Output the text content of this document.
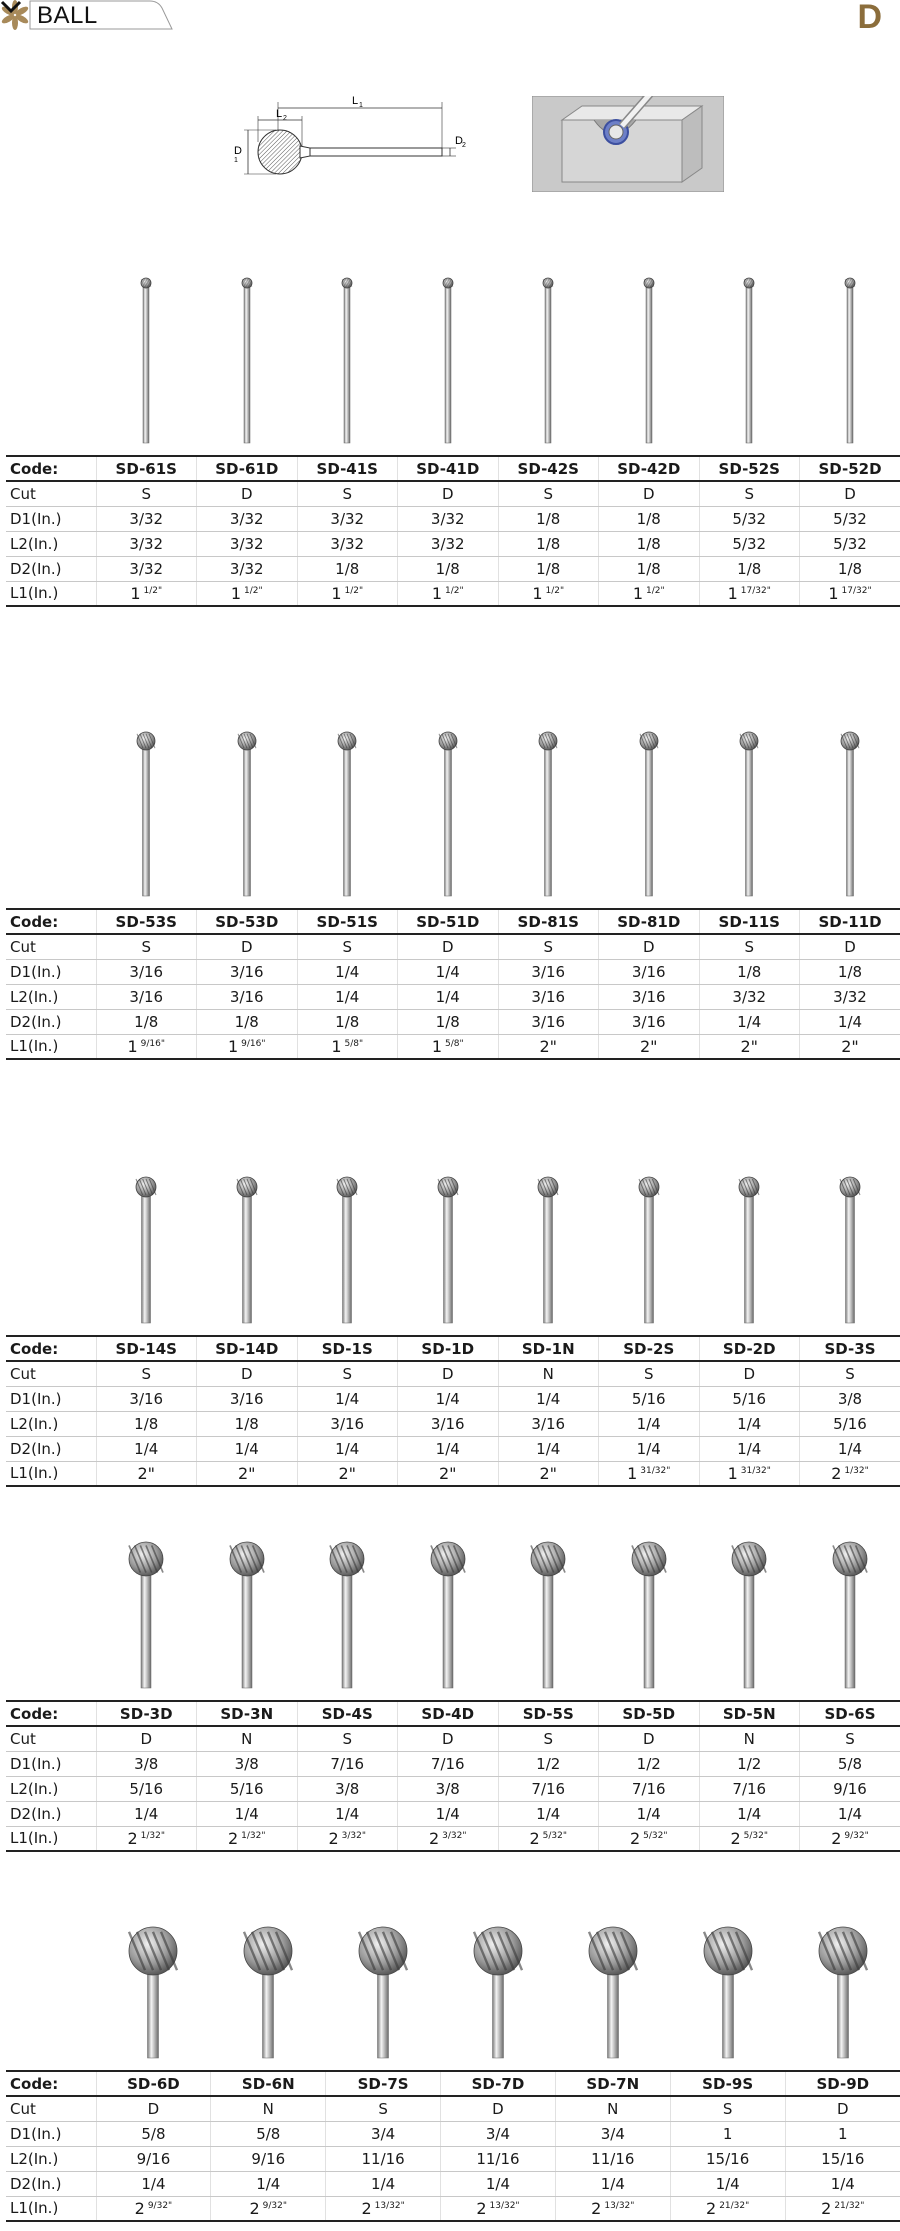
BALL	D
L 1
L 2
D
1
D 2
Code:	SD-61S	SD-61D	SD-41S	SD-41D	SD-42S	SD-42D	SD-52S	SD-52D
Cut	S	D	S	D	S	D	S	D
D1(In.)	3/32	3/32	3/32	3/32	1/8	1/8	5/32	5/32
L2(In.)	3/32	3/32	3/32	3/32	1/8	1/8	5/32	5/32
D2(In.)	3/32	3/32	1/8	1/8	1/8	1/8	1/8	1/8
L1(In.)	1 $^{1/2"}$	1 $^{1/2"}$	1 $^{1/2"}$	1 $^{1/2"}$	1 $^{1/2"}$	1 $^{1/2"}$	1 $^{17/32"}$	1 $^{17/32"}$
Code:	SD-53S	SD-53D	SD-51S	SD-51D	SD-81S	SD-81D	SD-11S	SD-11D
Cut	S	D	S	D	S	D	S	D
D1(In.)	3/16	3/16	1/4	1/4	3/16	3/16	1/8	1/8
L2(In.)	3/16	3/16	1/4	1/4	3/16	3/16	3/32	3/32
D2(In.)	1/8	1/8	1/8	1/8	3/16	3/16	1/4	1/4
L1(In.)	1 $^{9/16"}$	1 $^{9/16"}$	1 $^{5/8"}$	1 $^{5/8"}$	2"	2"	2"	2"
Code:	SD-14S	SD-14D	SD-1S	SD-1D	SD-1N	SD-2S	SD-2D	SD-3S
Cut	S	D	S	D	N	S	D	S
D1(In.)	3/16	3/16	1/4	1/4	1/4	5/16	5/16	3/8
L2(In.)	1/8	1/8	3/16	3/16	3/16	1/4	1/4	5/16
D2(In.)	1/4	1/4	1/4	1/4	1/4	1/4	1/4	1/4
L1(In.)	2"	2"	2"	2"	2"	1 $^{31/32"}$	1 $^{31/32"}$	2 $^{1/32"}$
Code:	SD-3D	SD-3N	SD-4S	SD-4D	SD-5S	SD-5D	SD-5N	SD-6S
Cut	D	N	S	D	S	D	N	S
D1(In.)	3/8	3/8	7/16	7/16	1/2	1/2	1/2	5/8
L2(In.)	5/16	5/16	3/8	3/8	7/16	7/16	7/16	9/16
D2(In.)	1/4	1/4	1/4	1/4	1/4	1/4	1/4	1/4
L1(In.)	2 $^{1/32"}$	2 $^{1/32"}$	2 $^{3/32"}$	2 $^{3/32"}$	2 $^{5/32"}$	2 $^{5/32"}$	2 $^{5/32"}$	2 $^{9/32"}$
Code:	SD-6D	SD-6N	SD-7S	SD-7D	SD-7N	SD-9S	SD-9D
Cut	D	N	S	D	N	S	D
D1(In.)	5/8	5/8	3/4	3/4	3/4	1	1
L2(In.)	9/16	9/16	11/16	11/16	11/16	15/16	15/16
D2(In.)	1/4	1/4	1/4	1/4	1/4	1/4	1/4
L1(In.)	2 $^{9/32"}$	2 $^{9/32"}$	2 $^{13/32"}$	2 $^{13/32"}$	2 $^{13/32"}$	2 $^{21/32"}$	2 $^{21/32"}$
